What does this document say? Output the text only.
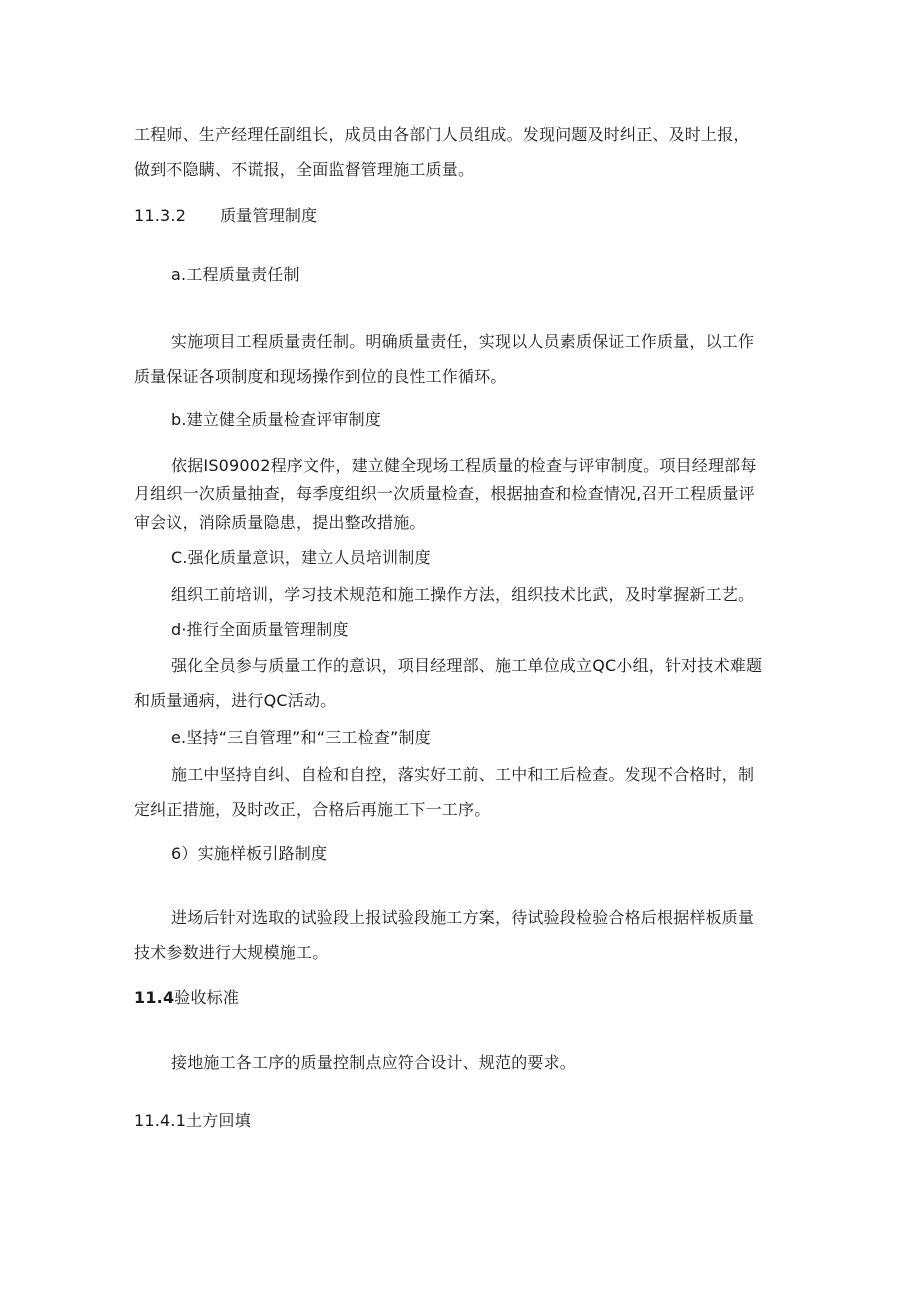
工程师、生产经理任副组长，成员由各部门人员组成。发现问题及时纠正、及时上报，
做到不隐瞒、不谎报，全面监督管理施工质量。
11.3.2 质量管理制度
a.工程质量责任制
实施项目工程质量责任制。明确质量责任，实现以人员素质保证工作质量，以工作
质量保证各项制度和现场操作到位的良性工作循环。
b.建立健全质量检查评审制度
依据IS09002程序文件，建立健全现场工程质量的检查与评审制度。项目经理部每
月组织一次质量抽查，每季度组织一次质量检查，根据抽查和检查情况,召开工程质量评
审会议，消除质量隐患，提出整改措施。
C.强化质量意识，建立人员培训制度
组织工前培训，学习技术规范和施工操作方法，组织技术比武，及时掌握新工艺。
d·推行全面质量管理制度
强化全员参与质量工作的意识，项目经理部、施工单位成立QC小组，针对技术难题
和质量通病，进行QC活动。
e.坚持“三自管理”和“三工检查”制度
施工中坚持自纠、自检和自控，落实好工前、工中和工后检查。发现不合格时，制
定纠正措施，及时改正，合格后再施工下一工序。
6）实施样板引路制度
进场后针对选取的试验段上报试验段施工方案，待试验段检验合格后根据样板质量
技术参数进行大规模施工。
11.4验收标准
接地施工各工序的质量控制点应符合设计、规范的要求。
11.4.1土方回填
